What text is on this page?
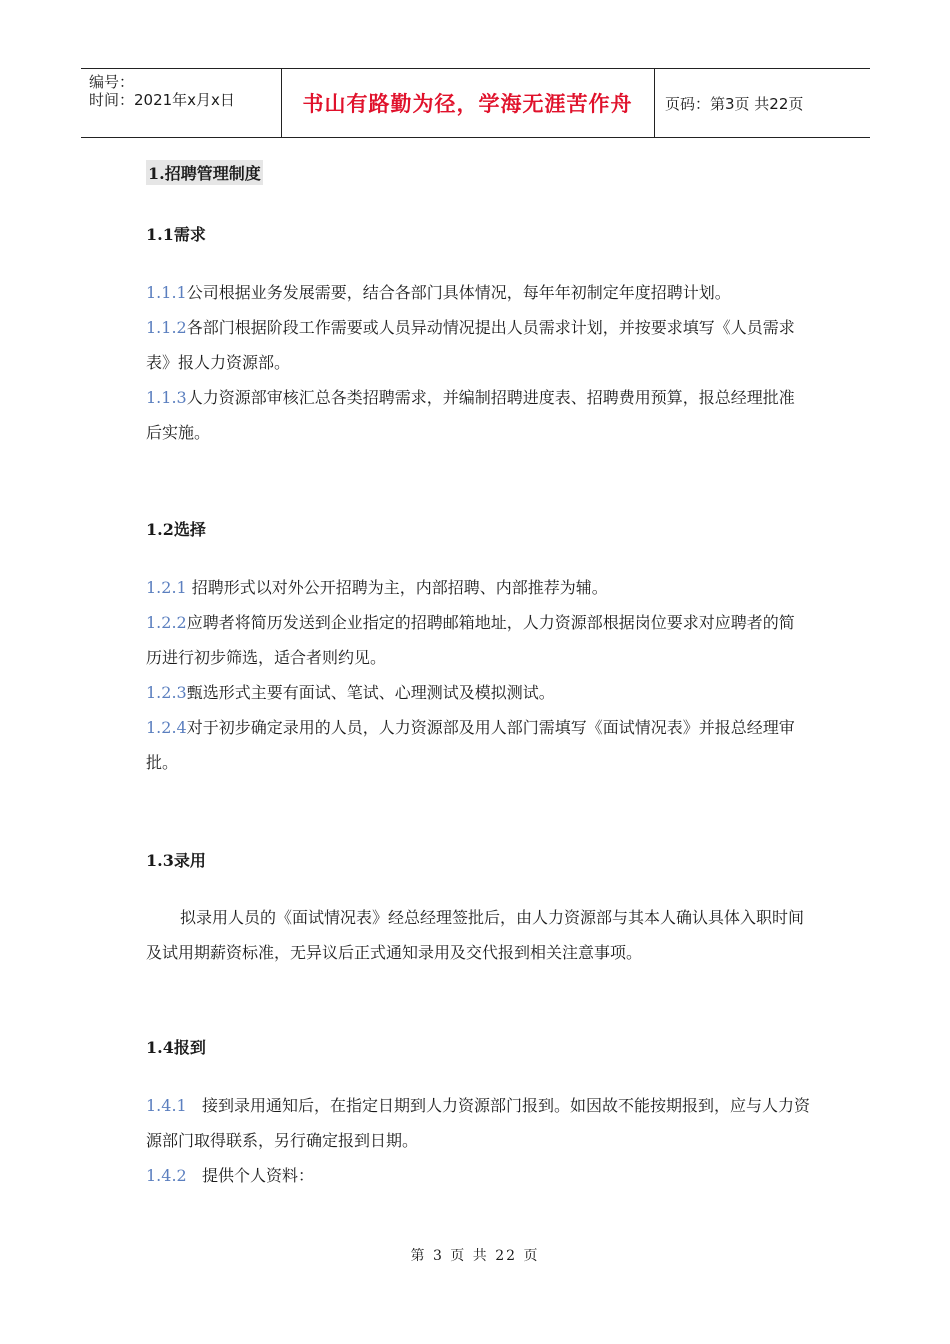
编号：
时间：2021年x月x日	书山有路勤为径，学海无涯苦作舟 页码：第3页 共22页
1.招聘管理制度
1.1需求
1.1.1公司根据业务发展需要，结合各部门具体情况，每年年初制定年度招聘计划。
1.1.2各部门根据阶段工作需要或人员异动情况提出人员需求计划，并按要求填写《人员需求表》报人力资源部。
1.1.3人力资源部审核汇总各类招聘需求，并编制招聘进度表、招聘费用预算，报总经理批准后实施。
1.2选择
1.2.1 招聘形式以对外公开招聘为主，内部招聘、内部推荐为辅。
1.2.2应聘者将简历发送到企业指定的招聘邮箱地址，人力资源部根据岗位要求对应聘者的简历进行初步筛选，适合者则约见。
1.2.3甄选形式主要有面试、笔试、心理测试及模拟测试。
1.2.4对于初步确定录用的人员，人力资源部及用人部门需填写《面试情况表》并报总经理审批。
1.3录用
拟录用人员的《面试情况表》经总经理签批后，由人力资源部与其本人确认具体入职时间及试用期薪资标准，无异议后正式通知录用及交代报到相关注意事项。
1.4报到
1.4.1   接到录用通知后，在指定日期到人力资源部门报到。如因故不能按期报到，应与人力资源部门取得联系，另行确定报到日期。
1.4.2   提供个人资料：
第 3 页 共 22 页
